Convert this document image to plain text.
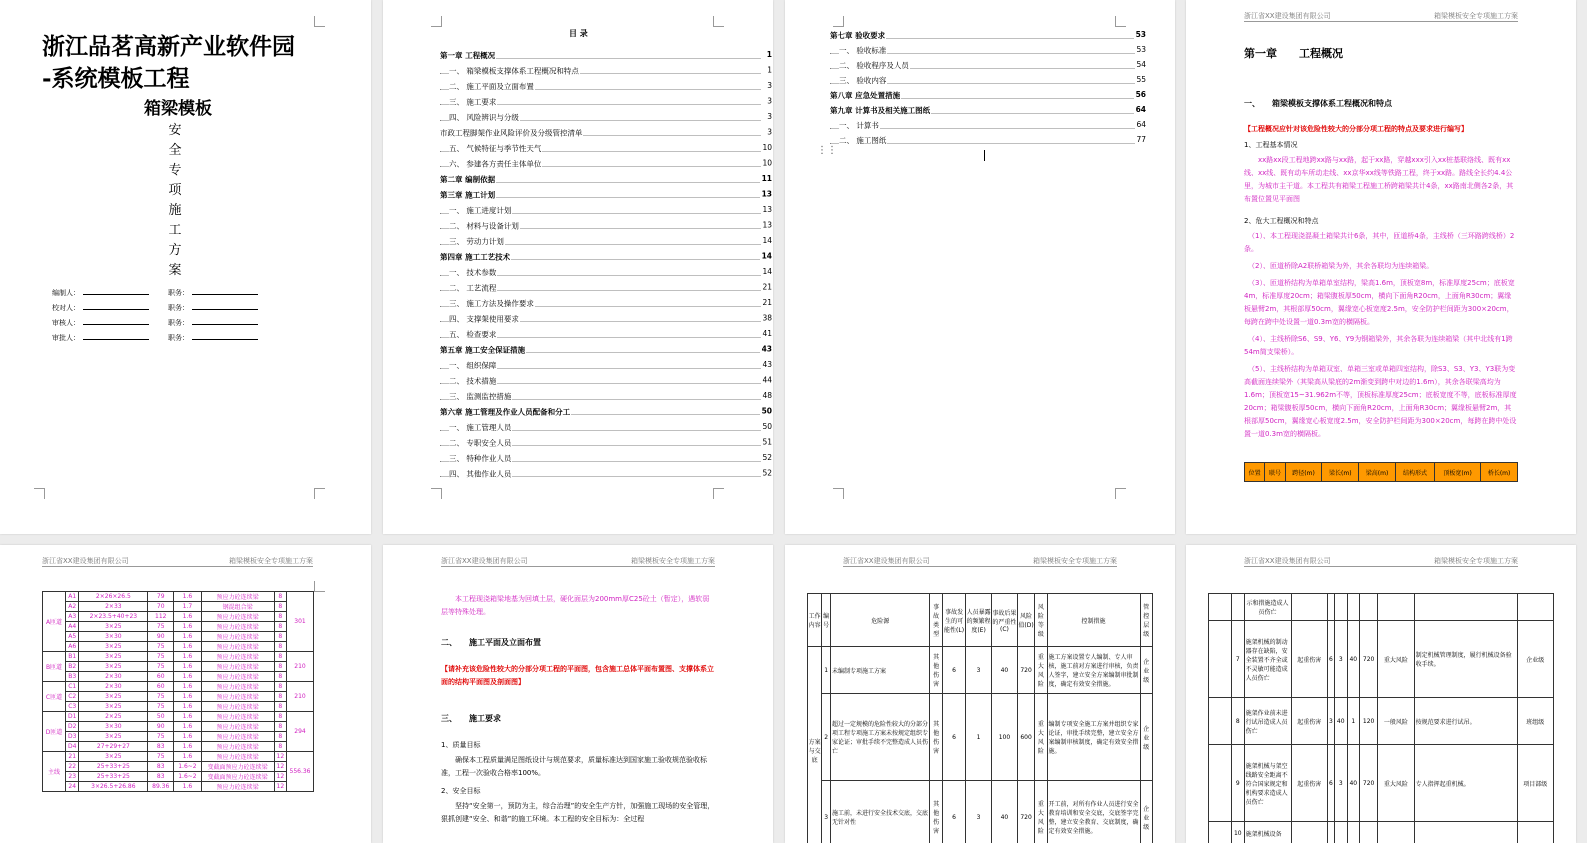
浙江品茗高新产业软件园
-系统模板工程
箱梁模板
安
全
专
项
施
工
方
案
编制人：	职务：
校对人：	职务：
审核人：	职务：
审批人：	职务：
目 录
第一章 工程概况	1
一、 箱梁模板支撑体系工程概况和特点	1
二、 施工平面及立面布置	3
三、 施工要求	3
四、 风险辨识与分级	3
市政工程脚架作业风险评价及分级管控清单	3
五、 气候特征与季节性天气	10
六、 参建各方责任主体单位	10
第二章 编制依据	11
第三章 施工计划	13
一、 施工进度计划	13
二、 材料与设备计划	13
三、 劳动力计划	14
第四章 施工工艺技术	14
一、 技术参数	14
二、 工艺流程	21
三、 施工方法及操作要求	21
四、 支撑架使用要求	38
五、 检查要求	41
第五章 施工安全保证措施	43
一、 组织保障	43
二、 技术措施	44
三、 监测监控措施	48
第六章 施工管理及作业人员配备和分工	50
一、 施工管理人员	50
二、 专职安全人员	51
三、 特种作业人员	52
四、 其他作业人员	52
第七章 验收要求	53
一、 验收标准	53
二、 验收程序及人员	54
三、 验收内容	55
第八章 应急处置措施	56
第九章 计算书及相关施工图纸	64
一、 计算书	64
二、 施工图纸	77
⋮⋮
浙江省XX建设集团有限公司	箱梁模板安全专项施工方案
第一章　　工程概况
一、　　箱梁模板支撑体系工程概况和特点
【工程概况应针对该危险性较大的分部分项工程的特点及要求进行编写】
1、工程基本情况
xx路xx段工程地跨xx路与xx路，起于xx路，穿越xxx引入xx桩基联络线、既有xx线、xx线、既有动车所动走线、xx京华xx线等铁路工程，终于xx路。路线全长约4.4公里，为城市主干道。本工程共有箱梁工程施工桥跨箱梁共计4条，xx路南北侧各2条，其布置位置见平面图
2、危大工程概况和特点
（1）、本工程现浇混凝土箱梁共计6条，其中，匝道桥4条，主线桥（三环路跨线桥）2条。
（2）、匝道桥除A2联桥箱梁为外，其余各联均为连续箱梁。
（3）、匝道桥结构为单箱单室结构，梁高1.6m，顶板宽8m，标准厚度25cm；底板宽4m，标准厚度20cm；箱梁腹板厚50cm，横向下面角R20cm，上面角R30cm；翼缘板悬臂2m，其根部厚50cm，翼缘宽心板宽度2.5m，安全防护栏间距为300×20cm，每跨在跨中处设置一道0.3m宽的横隔板。
（4）、主线桥除S6、S9、Y6、Y9为钢箱梁外，其余各联为连续箱梁（其中北线有1跨54m简支梁桥）。
（5）、主线桥结构为单箱双室、单箱三室或单箱四室结构，除S3、S3、Y3、Y3联为变高截面连续梁外（其梁高从梁底的2m渐变到跨中对边的1.6m），其余各联梁高均为1.6m；顶板宽15~31.962m不等，顶板标准厚度25cm；底板宽度不等，底板标准厚度20cm；箱梁腹板厚50cm，横向下面角R20cm，上面角R30cm；翼缘板悬臂2m，其根部厚50cm，翼缘宽心板宽度2.5m，安全防护栏间距为300×20cm，每跨在跨中处设置一道0.3m宽的横隔板。
位置	联号	跨径(m)	梁长(m)	梁高(m)	结构形式	顶板宽(m)	桥长(m)
浙江省XX建设集团有限公司	箱梁模板安全专项施工方案
A匝道	A1	2×26×26.5	79	1.6	预应力砼连续梁	8	301
	A2	2×33	70	1.7	钢混组合梁	8	
	A3	2×23.5+40+23	112	1.6	预应力砼连续梁	8	
	A4	3×25	75	1.6	预应力砼连续梁	8	
	A5	3×30	90	1.6	预应力砼连续梁	8	
	A6	3×25	75	1.6	预应力砼连续梁	8	
B匝道	B1	3×25	75	1.6	预应力砼连续梁	8	210
	B2	3×25	75	1.6	预应力砼连续梁	8	
	B3	2×30	60	1.6	预应力砼连续梁	8	
C匝道	C1	2×30	60	1.6	预应力砼连续梁	8	210
	C2	3×25	75	1.6	预应力砼连续梁	8	
	C3	3×25	75	1.6	预应力砼连续梁	8	
D匝道	D1	2×25	50	1.6	预应力砼连续梁	8	294
	D2	3×30	90	1.6	预应力砼连续梁	8	
	D3	3×25	75	1.6	预应力砼连续梁	8	
	D4	27+29+27	83	1.6	预应力砼连续梁	8	
主线	21	3×25	75	1.6	预应力砼连续梁	12	556.36
	22	25+33+25	83	1.6~2	变截面预应力砼连续梁	12	
	23	25+33+25	83	1.6~2	变截面预应力砼连续梁	12	
	24	3×26.5+26.86	89.36	1.6	预应力砼连续梁	12	
浙江省XX建设集团有限公司	箱梁模板安全专项施工方案
本工程现浇箱梁地基为回填土层，硬化面层为200mm厚C25砼土（暂定），遇软弱层等特殊处理。
二、　　施工平面及立面布置
【请补充该危险性较大的分部分项工程的平面图，包含施工总体平面布置图、支撑体系立面的结构平面图及剖面图】
三、　　施工要求
1、质量目标
确保本工程质量满足图纸设计与规范要求，质量标准达到国家施工验收规范验收标准，工程一次验收合格率100%。
2、安全目标
坚持“安全第一，预防为主，综合治理”的安全生产方针，加强施工现场的安全管理，狠抓创建“安全、和谐”的施工环境。本工程的安全目标为：全过程
浙江省XX建设集团有限公司	箱梁模板安全专项施工方案
工作内容	编号	危险源	事故类型	事故发生的可能性(L)	人员暴露的频繁程度(E)	事故后果的严重性(C)	风险值(D)	风险等级	控制措施	管控层级
方案与交底	1	未编制专项施工方案	其他伤害	6	3	40	720	重大风险	施工方案设置专人编制、专人审核，施工前对方案进行审核，负责人签字，建立安全方案编制审批制度，确定有效安全措施。	企业级
	2	超过一定规模的危险性较大的分部分项工程专项施工方案未按规定组织专家论证；审批手续不完整造成人员伤亡	其他伤害	6	1	100	600	重大风险	编制专项安全施工方案并组织专家论证，审批手续完整，建立安全方案编制审核制度，确定有效安全措施。	企业级
	3	施工前，未进行安全技术交底，交底无针对性	其他伤害	6	3	40	720	重大风险	开工前，对所有作业人员进行安全教育培训和安全交底，交底签字完整，建立安全教育、交底制度，确定有效安全措施。	企业级
浙江省XX建设集团有限公司	箱梁模板安全专项施工方案
		示和措施造成人员伤亡								
	7	施架机械的制动器存在缺陷，安全装置不齐全或不灵敏可能造成人员伤亡	起重伤害	6	3	40	720	重大风险	制定机械管理制度，履行机械设备验收手续。	企业级
	8	施架作业前未进行试吊造成人员伤亡	起重伤害	3	40	1	120	一般风险	按规范要求进行试吊。	班组级
	9	施架机械与架空线路安全距离不符合国家规定和机构要求造成人员伤亡	起重伤害	6	3	40	720	重大风险	专人指挥起重机械。	项目部级
	10	施架机械设备								
